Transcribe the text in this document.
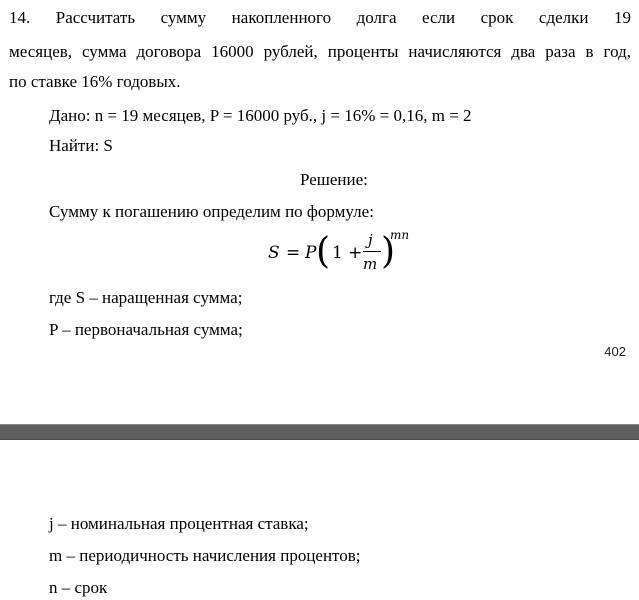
14. Рассчитать сумму накопленного долга если срок сделки 19
месяцев, сумма договора 16000 рублей, проценты начисляются два раза в год,
по ставке 16% годовых.
Дано: n = 19 месяцев, P = 16000 руб., j = 16% = 0,16, m = 2
Найти: S
Решение:
Сумму к погашению определим по формуле:
S = P ( 1 +
j
m )
mn
где S – наращенная сумма;
P – первоначальная сумма;
402
j – номинальная процентная ставка;
m – периодичность начисления процентов;
n – срок
